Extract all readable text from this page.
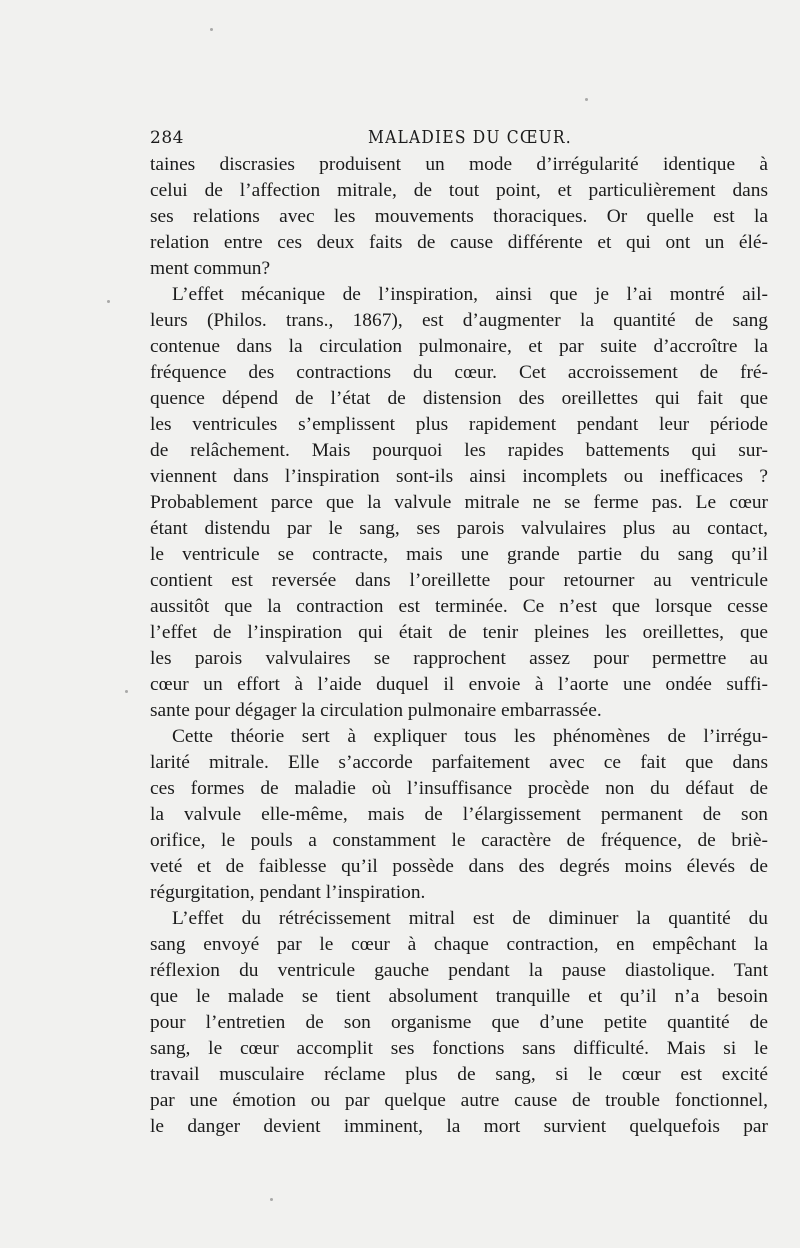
284	MALADIES DU CŒUR.
taines discrasies produisent un mode d’irrégularité identique à
celui de l’affection mitrale, de tout point, et particulièrement dans
ses relations avec les mouvements thoraciques. Or quelle est la
relation entre ces deux faits de cause différente et qui ont un élé-
ment commun?
L’effet mécanique de l’inspiration, ainsi que je l’ai montré ail-
leurs (Philos. trans., 1867), est d’augmenter la quantité de sang
contenue dans la circulation pulmonaire, et par suite d’accroître la
fréquence des contractions du cœur. Cet accroissement de fré-
quence dépend de l’état de distension des oreillettes qui fait que
les ventricules s’emplissent plus rapidement pendant leur période
de relâchement. Mais pourquoi les rapides battements qui sur-
viennent dans l’inspiration sont-ils ainsi incomplets ou inefficaces ?
Probablement parce que la valvule mitrale ne se ferme pas. Le cœur
étant distendu par le sang, ses parois valvulaires plus au contact,
le ventricule se contracte, mais une grande partie du sang qu’il
contient est reversée dans l’oreillette pour retourner au ventricule
aussitôt que la contraction est terminée. Ce n’est que lorsque cesse
l’effet de l’inspiration qui était de tenir pleines les oreillettes, que
les parois valvulaires se rapprochent assez pour permettre au
cœur un effort à l’aide duquel il envoie à l’aorte une ondée suffi-
sante pour dégager la circulation pulmonaire embarrassée.
Cette théorie sert à expliquer tous les phénomènes de l’irrégu-
larité mitrale. Elle s’accorde parfaitement avec ce fait que dans
ces formes de maladie où l’insuffisance procède non du défaut de
la valvule elle-même, mais de l’élargissement permanent de son
orifice, le pouls a constamment le caractère de fréquence, de briè-
veté et de faiblesse qu’il possède dans des degrés moins élevés de
régurgitation, pendant l’inspiration.
L’effet du rétrécissement mitral est de diminuer la quantité du
sang envoyé par le cœur à chaque contraction, en empêchant la
réflexion du ventricule gauche pendant la pause diastolique. Tant
que le malade se tient absolument tranquille et qu’il n’a besoin
pour l’entretien de son organisme que d’une petite quantité de
sang, le cœur accomplit ses fonctions sans difficulté. Mais si le
travail musculaire réclame plus de sang, si le cœur est excité
par une émotion ou par quelque autre cause de trouble fonctionnel,
le danger devient imminent, la mort survient quelquefois par
